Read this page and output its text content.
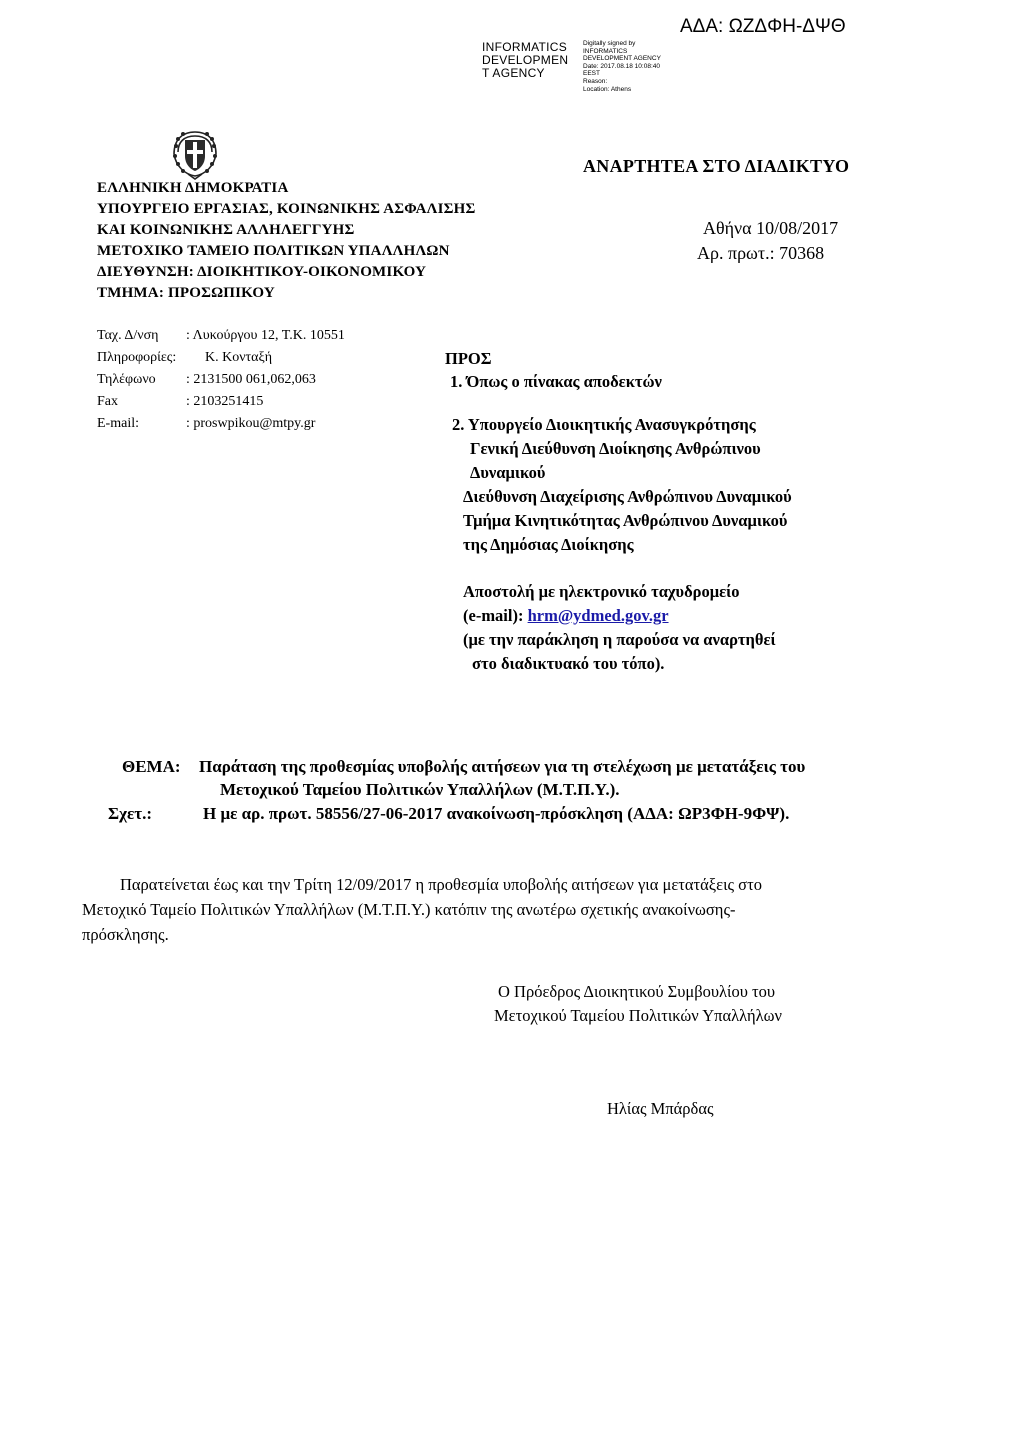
ΑΔΑ: ΩΖΔΦΗ-ΔΨΘ
INFORMATICS
DEVELOPMEN
T AGENCY
Digitally signed by
INFORMATICS
DEVELOPMENT AGENCY
Date: 2017.08.18 10:08:40
EEST
Reason:
Location: Athens
ΑΝΑΡΤΗΤΕΑ ΣΤΟ ΔΙΑΔΙΚΤΥΟ
ΕΛΛΗΝΙΚΗ ΔΗΜΟΚΡΑΤΙΑ
ΥΠΟΥΡΓΕΙΟ ΕΡΓΑΣΙΑΣ, ΚΟΙΝΩΝΙΚΗΣ ΑΣΦΑΛΙΣΗΣ
ΚΑΙ ΚΟΙΝΩΝΙΚΗΣ ΑΛΛΗΛΕΓΓΥΗΣ
ΜΕΤΟΧΙΚΟ ΤΑΜΕΙΟ ΠΟΛΙΤΙΚΩΝ ΥΠΑΛΛΗΛΩΝ
ΔΙΕΥΘΥΝΣΗ: ΔΙΟΙΚΗΤΙΚΟΥ-ΟΙΚΟΝΟΜΙΚΟΥ
ΤΜΗΜΑ: ΠΡΟΣΩΠΙΚΟΥ
Αθήνα 10/08/2017
Αρ. πρωτ.: 70368
Ταχ. Δ/νση : Λυκούργου 12, Τ.Κ. 10551
Πληροφορίες: Κ. Κονταξή
Τηλέφωνο : 2131500 061,062,063
Fax	: 2103251415
E-mail:	: proswpikou@mtpy.gr
ΠΡΟΣ
1. Όπως ο πίνακας αποδεκτών
2. Υπουργείο Διοικητικής Ανασυγκρότησης
Γενική Διεύθυνση Διοίκησης Ανθρώπινου
Δυναμικού
Διεύθυνση Διαχείρισης Ανθρώπινου Δυναμικού
Τμήμα Κινητικότητας Ανθρώπινου Δυναμικού
της Δημόσιας Διοίκησης
Αποστολή με ηλεκτρονικό ταχυδρομείο
(e-mail): hrm@ydmed.gov.gr
(με την παράκληση η παρούσα να αναρτηθεί
στο διαδικτυακό του τόπο).
ΘΕΜΑ: Παράταση της προθεσμίας υποβολής αιτήσεων για τη στελέχωση με μετατάξεις του
Μετοχικού Ταμείου Πολιτικών Υπαλλήλων (Μ.Τ.Π.Υ.).
Σχετ.:	Η με αρ. πρωτ. 58556/27-06-2017 ανακοίνωση-πρόσκληση (ΑΔΑ: ΩΡ3ΦΗ-9ΦΨ).
Παρατείνεται έως και την Τρίτη 12/09/2017 η προθεσμία υποβολής αιτήσεων για μετατάξεις στο
Μετοχικό Ταμείο Πολιτικών Υπαλλήλων (Μ.Τ.Π.Υ.) κατόπιν της ανωτέρω σχετικής ανακοίνωσης-
πρόσκλησης.
Ο Πρόεδρος Διοικητικού Συμβουλίου του
Μετοχικού Ταμείου Πολιτικών Υπαλλήλων
Ηλίας Μπάρδας
